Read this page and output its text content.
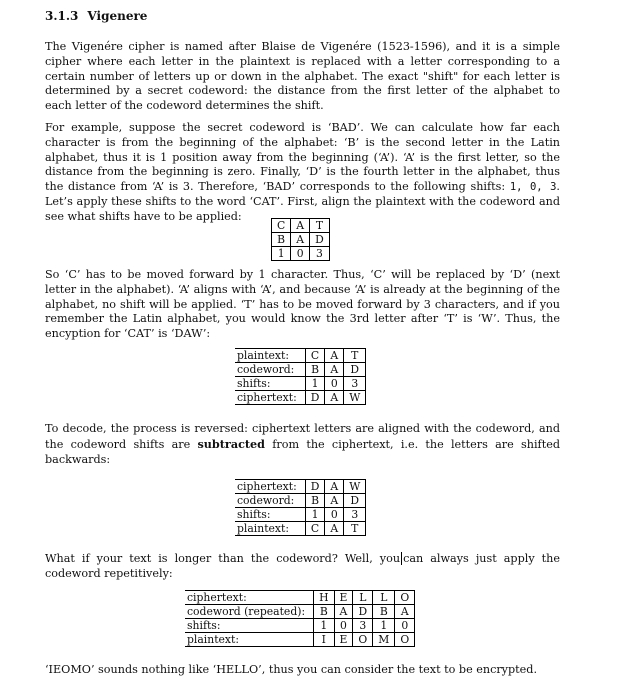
3.1.3 Vigenere

The Vigenére cipher is named after Blaise de Vigenére (1523-1596), and it is a simple cipher where each letter in the plaintext is replaced with a letter corresponding to a certain number of letters up or down in the alphabet. The exact "shift" for each letter is determined by a secret codeword: the distance from the first letter of the alphabet to each letter of the codeword determines the shift.

For example, suppose the secret codeword is ‘BAD’. We can calculate how far each character is from the beginning of the alphabet: ‘B’ is the second letter in the Latin alphabet, thus it is 1 position away from the beginning (‘A’). ‘A’ is the first letter, so the distance from the beginning is zero. Finally, ‘D’ is the fourth letter in the alphabet, thus the distance from ‘A’ is 3. Therefore, ‘BAD’ corresponds to the following shifts: 1, 0, 3. Let’s apply these shifts to the word ‘CAT’. First, align the plaintext with the codeword and see what shifts have to be applied:

C	A	T
B	A	D
1	0	3

So ‘C’ has to be moved forward by 1 character. Thus, ‘C’ will be replaced by ‘D’ (next letter in the alphabet). ‘A’ aligns with ‘A’, and because ‘A’ is already at the beginning of the alphabet, no shift will be applied. ‘T’ has to be moved forward by 3 characters, and if you remember the Latin alphabet, you would know the 3rd letter after ‘T’ is ‘W’. Thus, the encyption for ‘CAT’ is ‘DAW’:

plaintext:	C	A	T
codeword:	B	A	D
shifts:	1	0	3
ciphertext:	D	A	W

To decode, the process is reversed: ciphertext letters are aligned with the codeword, and the codeword shifts are subtracted from the ciphertext, i.e. the letters are shifted backwards:

ciphertext:	D	A	W
codeword:	B	A	D
shifts:	1	0	3
plaintext:	C	A	T

What if your text is longer than the codeword? Well, you can always just apply the codeword repetitively:

ciphertext:	H	E	L	L	O
codeword (repeated):	B	A	D	B	A
shifts:	1	0	3	1	0
plaintext:	I	E	O	M	O

‘IEOMO’ sounds nothing like ‘HELLO’, thus you can consider the text to be encrypted.
